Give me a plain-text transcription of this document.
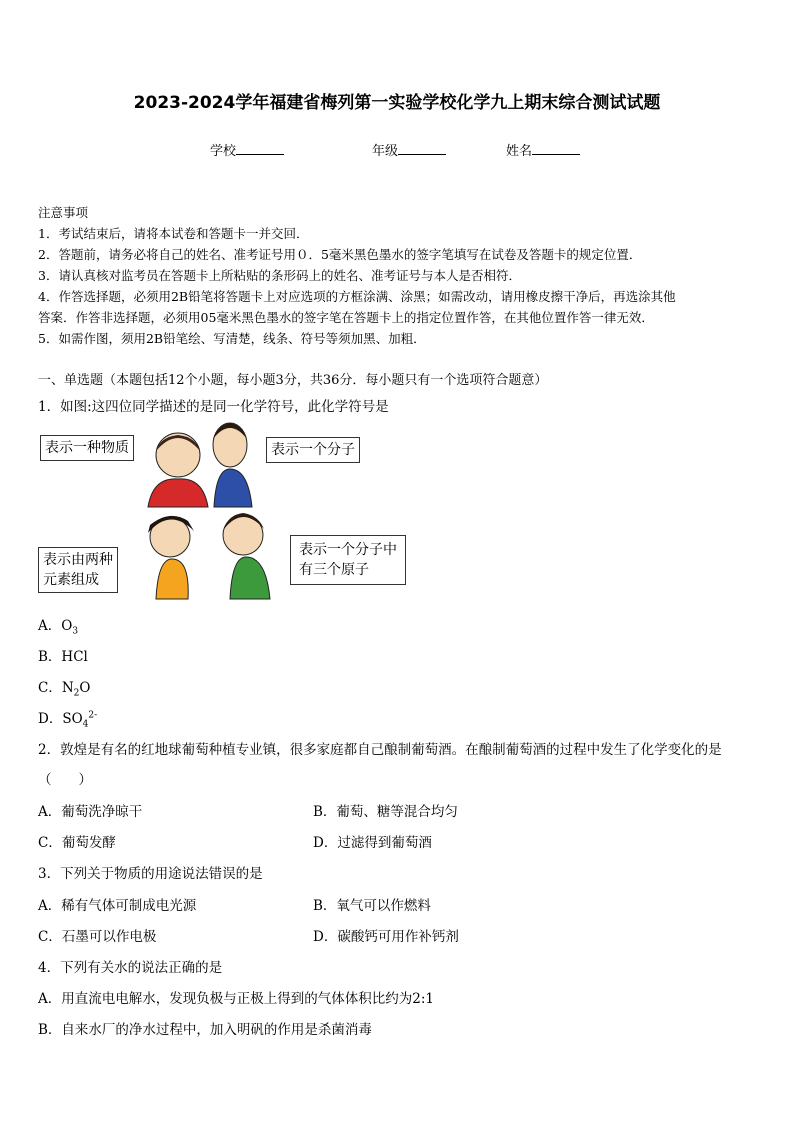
2023-2024学年福建省梅列第一实验学校化学九上期末综合测试试题
学校	年级	姓名
注意事项
1．考试结束后，请将本试卷和答题卡一并交回．
2．答题前，请务必将自己的姓名、准考证号用０．5毫米黑色墨水的签字笔填写在试卷及答题卡的规定位置．
3．请认真核对监考员在答题卡上所粘贴的条形码上的姓名、准考证号与本人是否相符．
4．作答选择题，必须用2B铅笔将答题卡上对应选项的方框涂满、涂黑；如需改动，请用橡皮擦干净后，再选涂其他
答案．作答非选择题，必须用05毫米黑色墨水的签字笔在答题卡上的指定位置作答，在其他位置作答一律无效．
5．如需作图，须用2B铅笔绘、写清楚，线条、符号等须加黑、加粗．
一、单选题（本题包括12个小题，每小题3分，共36分．每小题只有一个选项符合题意）
1．如图:这四位同学描述的是同一化学符号，此化学符号是
表示一种物质	表示一个分子
表示由两种
元素组成
表示一个分子中
有三个原子
A．$O_3$
B．HCl
C．$N_2O$
D．$SO_4^{2-}$
2．敦煌是有名的红地球葡萄种植专业镇，很多家庭都自己酿制葡萄酒。在酿制葡萄酒的过程中发生了化学变化的是
（　　）
A．葡萄洗净晾干	B．葡萄、糖等混合均匀
C．葡萄发酵	D．过滤得到葡萄酒
3．下列关于物质的用途说法错误的是
A．稀有气体可制成电光源	B．氧气可以作燃料
C．石墨可以作电极	D．碳酸钙可用作补钙剂
4．下列有关水的说法正确的是
A．用直流电电解水，发现负极与正极上得到的气体体积比约为2:1
B．自来水厂的净水过程中，加入明矾的作用是杀菌消毒
